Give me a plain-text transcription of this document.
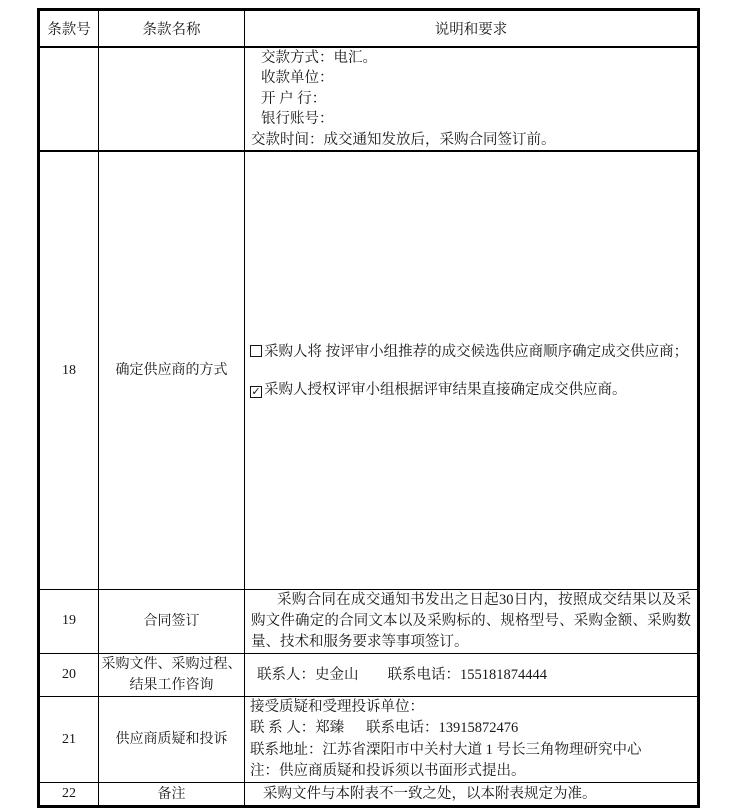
条款号	条款名称	说明和要求

		交款方式：电汇。
收款单位：
开 户 行：
银行账号：
交款时间：成交通知发放后，采购合同签订前。

18	确定供应商的方式	采购人将 按评审小组推荐的成交候选供应商顺序确定成交供应商；
✓ 采购人授权评审小组根据评审结果直接确定成交供应商。

19	合同签订	采购合同在成交通知书发出之日起30日内，按照成交结果以及采购文件确定的合同文本以及采购标的、规格型号、采购金额、采购数量、技术和服务要求等事项签订。

20	采购文件、采购过程、结果工作咨询	联系人：史金山        联系电话：155181874444

21	供应商质疑和投诉	接受质疑和受理投诉单位：
联 系 人：郑臻      联系电话：13915872476
联系地址：江苏省溧阳市中关村大道 1 号长三角物理研究中心
注：供应商质疑和投诉须以书面形式提出。

22	备注	采购文件与本附表不一致之处，以本附表规定为准。
